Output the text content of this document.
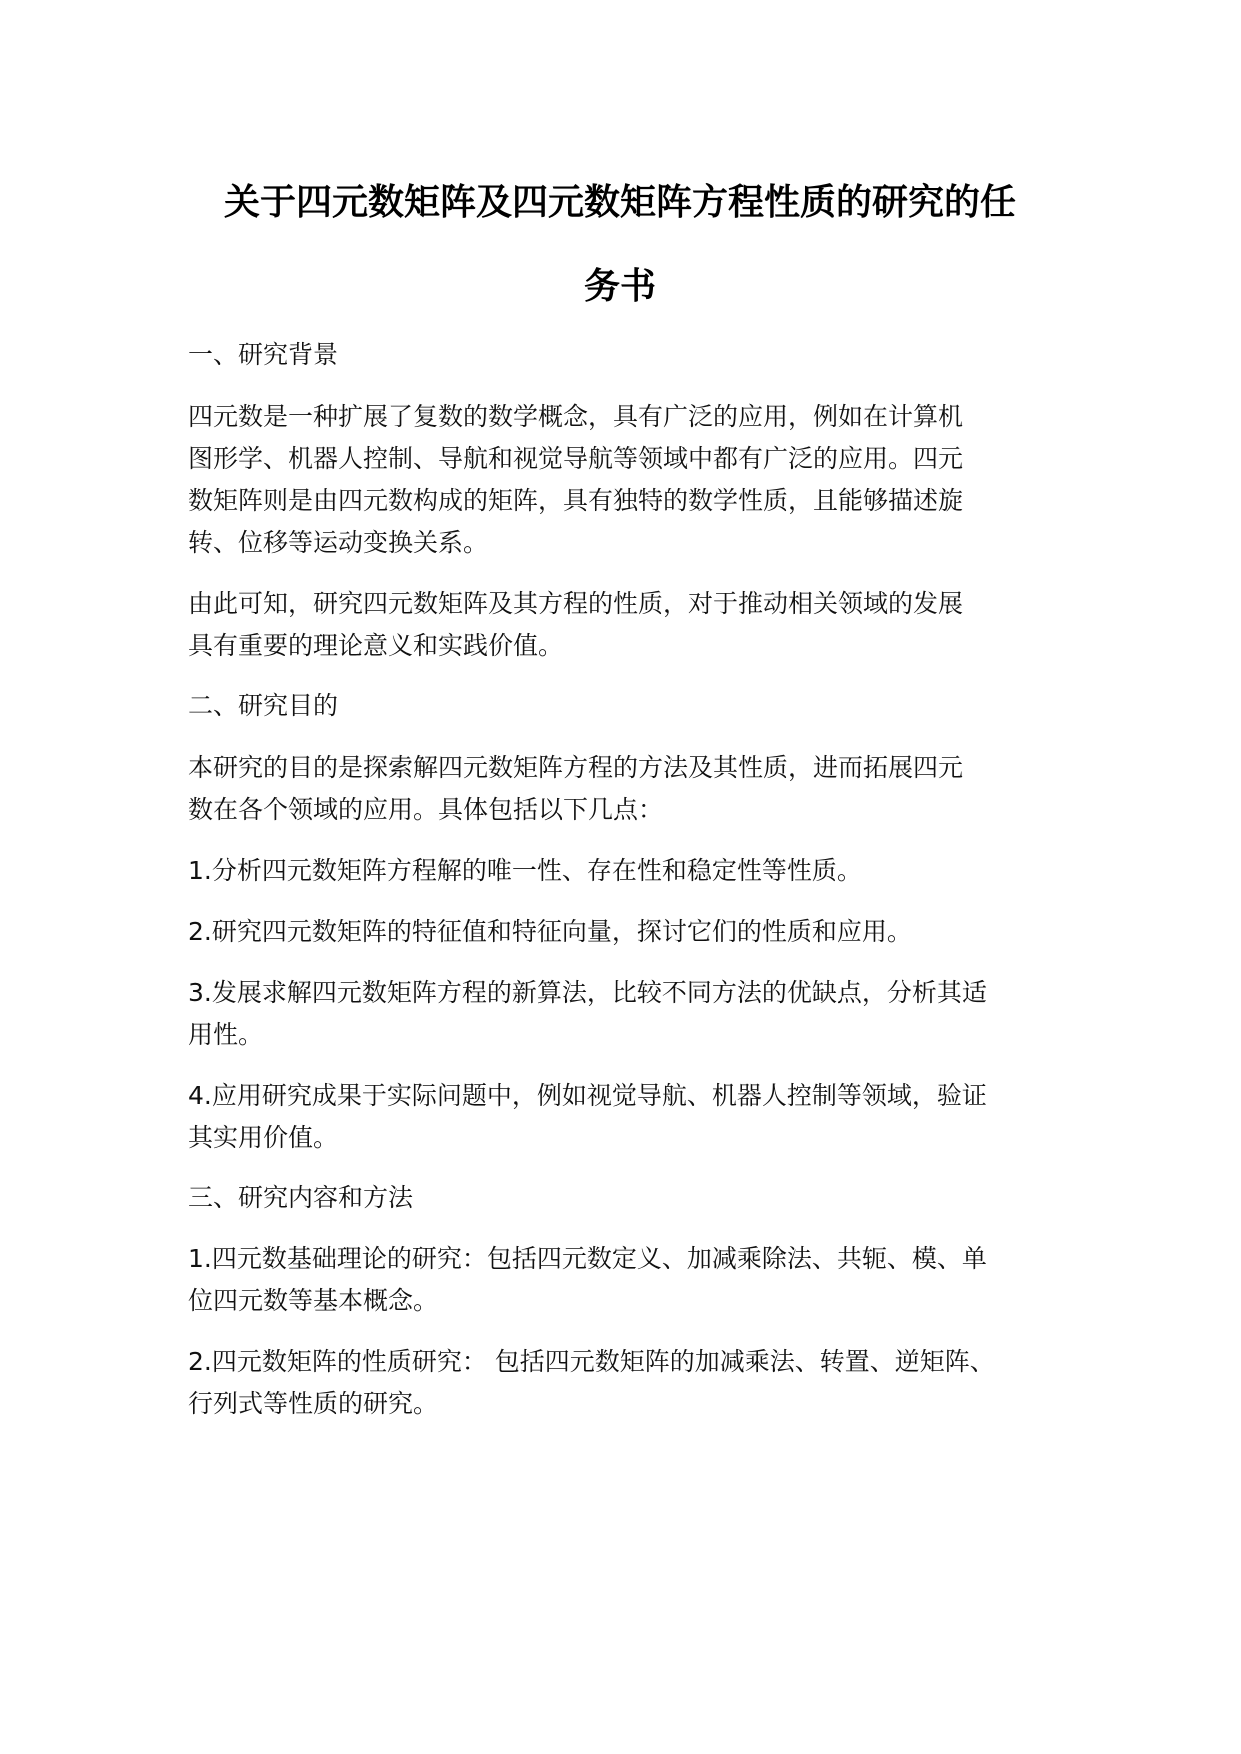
关于四元数矩阵及四元数矩阵方程性质的研究的任
务书

一、研究背景

四元数是一种扩展了复数的数学概念，具有广泛的应用，例如在计算机

图形学、机器人控制、导航和视觉导航等领域中都有广泛的应用。四元

数矩阵则是由四元数构成的矩阵，具有独特的数学性质，且能够描述旋

转、位移等运动变换关系。

由此可知，研究四元数矩阵及其方程的性质，对于推动相关领域的发展

具有重要的理论意义和实践价值。

二、研究目的

本研究的目的是探索解四元数矩阵方程的方法及其性质，进而拓展四元

数在各个领域的应用。具体包括以下几点：

1.分析四元数矩阵方程解的唯一性、存在性和稳定性等性质。

2.研究四元数矩阵的特征值和特征向量，探讨它们的性质和应用。

3.发展求解四元数矩阵方程的新算法，比较不同方法的优缺点，分析其适

用性。

4.应用研究成果于实际问题中，例如视觉导航、机器人控制等领域，验证

其实用价值。

三、研究内容和方法

1.四元数基础理论的研究：包括四元数定义、加减乘除法、共轭、模、单

位四元数等基本概念。

2.四元数矩阵的性质研究： 包括四元数矩阵的加减乘法、转置、逆矩阵、

行列式等性质的研究。
